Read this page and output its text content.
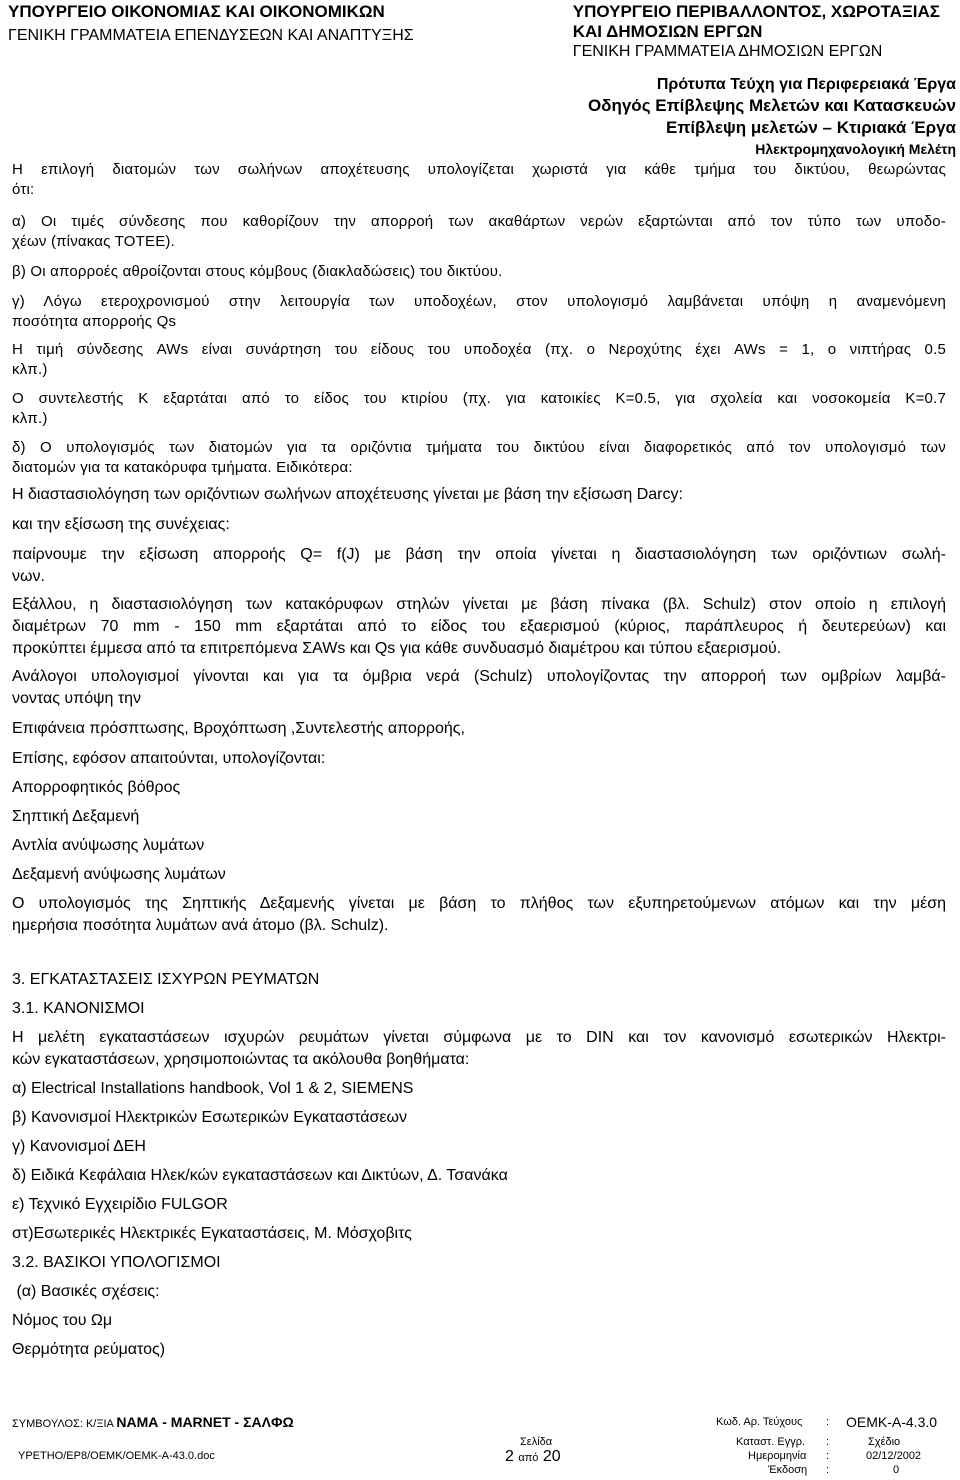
ΥΠΟΥΡΓΕΙΟ ΟΙΚΟΝΟΜΙΑΣ ΚΑΙ ΟΙΚΟΝΟΜΙΚΩΝ
ΓΕΝΙΚΗ ΓΡΑΜΜΑΤΕΙΑ ΕΠΕΝΔΥΣΕΩΝ ΚΑΙ ΑΝΑΠΤΥΞΗΣ
ΥΠΟΥΡΓΕΙΟ ΠΕΡΙΒΑΛΛΟΝΤΟΣ, ΧΩΡΟΤΑΞΙΑΣ
ΚΑΙ ΔΗΜΟΣΙΩΝ ΕΡΓΩΝ
ΓΕΝΙΚΗ ΓΡΑΜΜΑΤΕΙΑ ΔΗΜΟΣΙΩΝ ΕΡΓΩΝ
Πρότυπα Τεύχη για Περιφερειακά Έργα
Οδηγός Επίβλεψης Μελετών και Κατασκευών
Επίβλεψη μελετών – Κτιριακά Έργα
Ηλεκτρομηχανολογική Μελέτη
Η επιλογή διατομών των σωλήνων αποχέτευσης υπολογίζεται χωριστά για κάθε τμήμα του δικτύου, θεωρώντας
ότι:
α) Οι τιμές σύνδεσης που καθορίζουν την απορροή των ακαθάρτων νερών εξαρτώνται από τον τύπο των υποδο-
χέων (πίνακας ΤΟΤΕΕ).
β) Οι απορροές αθροίζονται στους κόμβους (διακλαδώσεις) του δικτύου.
γ) Λόγω ετεροχρονισμού στην λειτουργία των υποδοχέων, στον υπολογισμό λαμβάνεται υπόψη η αναμενόμενη
ποσότητα απορροής Qs
Η τιμή σύνδεσης AWs είναι συνάρτηση του είδους του υποδοχέα (πχ. ο Νεροχύτης έχει AWs = 1, ο νιπτήρας 0.5
κλπ.)
Ο συντελεστής K εξαρτάται από το είδος του κτιρίου (πχ. για κατοικίες K=0.5, για σχολεία και νοσοκομεία K=0.7
κλπ.)
δ) Ο υπολογισμός των διατομών για τα οριζόντια τμήματα του δικτύου είναι διαφορετικός από τον υπολογισμό των
διατομών για τα κατακόρυφα τμήματα. Ειδικότερα:
Η διαστασιολόγηση των οριζόντιων σωλήνων αποχέτευσης γίνεται με βάση την εξίσωση Darcy:
και την εξίσωση της συνέχειας:
παίρνουμε την εξίσωση απορροής Q= f(J) με βάση την οποία γίνεται η διαστασιολόγηση των οριζόντιων σωλή-
νων.
Εξάλλου, η διαστασιολόγηση των κατακόρυφων στηλών γίνεται με βάση πίνακα (βλ. Schulz) στον οποίο η επιλογή
διαμέτρων 70 mm - 150 mm εξαρτάται από το είδος του εξαερισμού (κύριος, παράπλευρος ή δευτερεύων) και
προκύπτει έμμεσα από τα επιτρεπόμενα ΣAWs και Qs για κάθε συνδυασμό διαμέτρου και τύπου εξαερισμού.
Ανάλογοι υπολογισμοί γίνονται και για τα όμβρια νερά (Schulz) υπολογίζοντας την απορροή των ομβρίων λαμβά-
νοντας υπόψη την
Επιφάνεια πρόσπτωσης, Βροχόπτωση ,Συντελεστής απορροής,
Επίσης, εφόσον απαιτούνται, υπολογίζονται:
Απορροφητικός βόθρος
Σηπτική Δεξαμενή
Αντλία ανύψωσης λυμάτων
Δεξαμενή ανύψωσης λυμάτων
Ο υπολογισμός της Σηπτικής Δεξαμενής γίνεται με βάση το πλήθος των εξυπηρετούμενων ατόμων και την μέση
ημερήσια ποσότητα λυμάτων ανά άτομο (βλ. Schulz).
3. ΕΓΚΑΤΑΣΤΑΣΕΙΣ ΙΣΧΥΡΩΝ ΡΕΥΜΑΤΩΝ
3.1. ΚΑΝΟΝΙΣΜΟΙ
Η μελέτη εγκαταστάσεων ισχυρών ρευμάτων γίνεται σύμφωνα με το DIN και τον κανονισμό εσωτερικών Ηλεκτρι-
κών εγκαταστάσεων, χρησιμοποιώντας τα ακόλουθα βοηθήματα:
α) Electrical Installations handbook, Vol 1 & 2, SIEMENS
β) Κανονισμοί Ηλεκτρικών Εσωτερικών Εγκαταστάσεων
γ) Κανονισμοί ΔΕΗ
δ) Ειδικά Κεφάλαια Ηλεκ/κών εγκαταστάσεων και Δικτύων, Δ. Τσανάκα
ε) Τεχνικό Εγχειρίδιο FULGOR
στ)Εσωτερικές Ηλεκτρικές Εγκαταστάσεις, Μ. Μόσχοβιτς
3.2. ΒΑΣΙΚΟΙ ΥΠΟΛΟΓΙΣΜΟΙ
(α) Βασικές σχέσεις:
Νόμος του Ωμ
Θερμότητα ρεύματος)
ΣΥΜΒΟΥΛΟΣ: Κ/ΞΙΑ ΝΑΜΑ - ΜΑRΝΕΤ - ΣΑΛΦΩ
ΥΡΕΤΗΟ/ΕΡ8/ΟΕΜΚ/ΟΕΜΚ-Α-43.0.doc
Σελίδα
2 από 20
Κωδ. Αρ. Τεύχους : ΟΕΜΚ-Α-4.3.0
Καταστ. Εγγρ. :	Σχέδιο
Ημερομηνία :	02/12/2002
Έκδοση :	0
